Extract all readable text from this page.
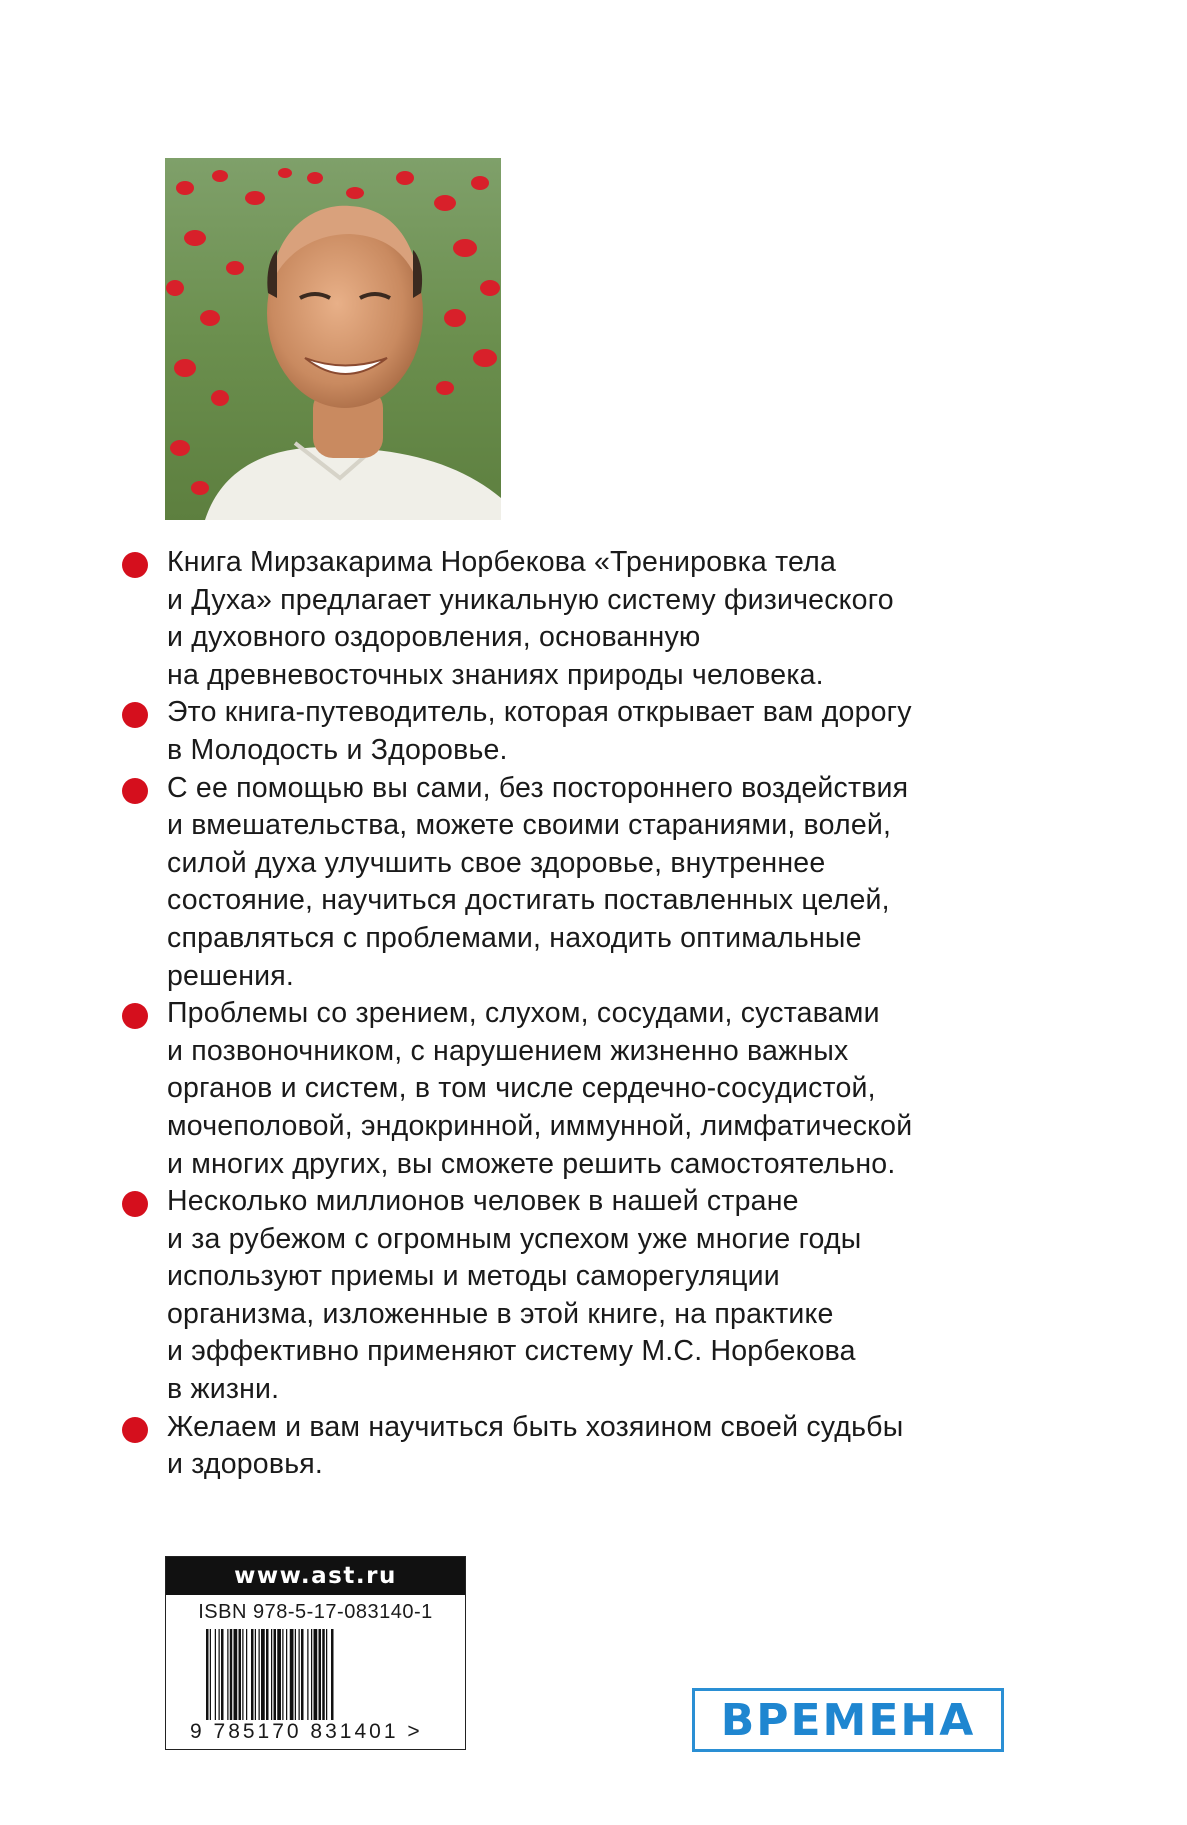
Книга Мирзакарима Норбекова «Тренировка тела
и Духа» предлагает уникальную систему физического
и духовного оздоровления, основанную
на древневосточных знаниях природы человека.
Это книга-путеводитель, которая открывает вам дорогу
в Молодость и Здоровье.
С ее помощью вы сами, без постороннего воздействия
и вмешательства, можете своими стараниями, волей,
силой духа улучшить свое здоровье, внутреннее
состояние, научиться достигать поставленных целей,
справляться с проблемами, находить оптимальные
решения.
Проблемы со зрением, слухом, сосудами, суставами
и позвоночником, с нарушением жизненно важных
органов и систем, в том числе сердечно-сосудистой,
мочеполовой, эндокринной, иммунной, лимфатической
и многих других, вы сможете решить самостоятельно.
Несколько миллионов человек в нашей стране
и за рубежом с огромным успехом уже многие годы
используют приемы и методы саморегуляции
организма, изложенные в этой книге, на практике
и эффективно применяют систему М.С. Норбекова
в жизни.
Желаем и вам научиться быть хозяином своей судьбы
и здоровья.
www.ast.ru
ISBN 978-5-17-083140-1
9 785170 831401 >	ВРЕМЕНА
